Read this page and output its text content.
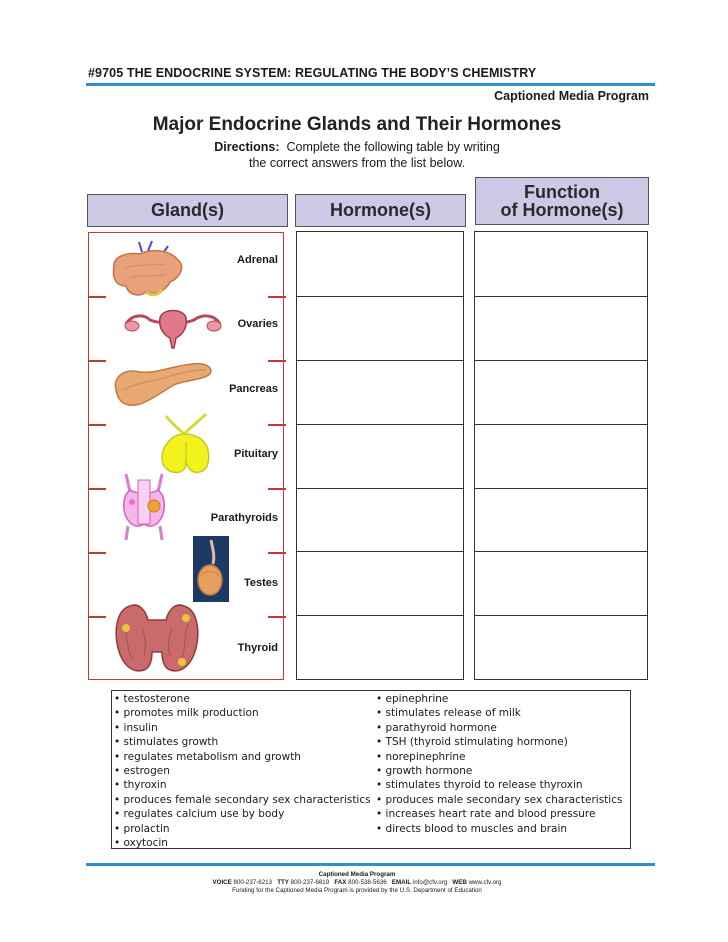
#9705 THE ENDOCRINE SYSTEM: REGULATING THE BODY’S CHEMISTRY
Captioned Media Program
Major Endocrine Glands and Their Hormones
Directions: Complete the following table by writing
the correct answers from the list below.
Gland(s)	Hormone(s)
Function
of Hormone(s)
Adrenal
Ovaries
Pancreas
Pituitary
Parathyroids
Testes
Thyroid
• testosterone
• promotes milk production
• insulin
• stimulates growth
• regulates metabolism and growth
• estrogen
• thyroxin
• produces female secondary sex characteristics
• regulates calcium use by body
• prolactin
• oxytocin
• epinephrine
• stimulates release of milk
• parathyroid hormone
• TSH (thyroid stimulating hormone)
• norepinephrine
• growth hormone
• stimulates thyroid to release thyroxin
• produces male secondary sex characteristics
• increases heart rate and blood pressure
• directs blood to muscles and brain
Captioned Media Program
VOICE 800-237-6213 TTY 800-237-6819 FAX 800-538-5636 EMAIL info@cfv.org WEB www.cfv.org
Funding for the Captioned Media Program is provided by the U.S. Department of Education
